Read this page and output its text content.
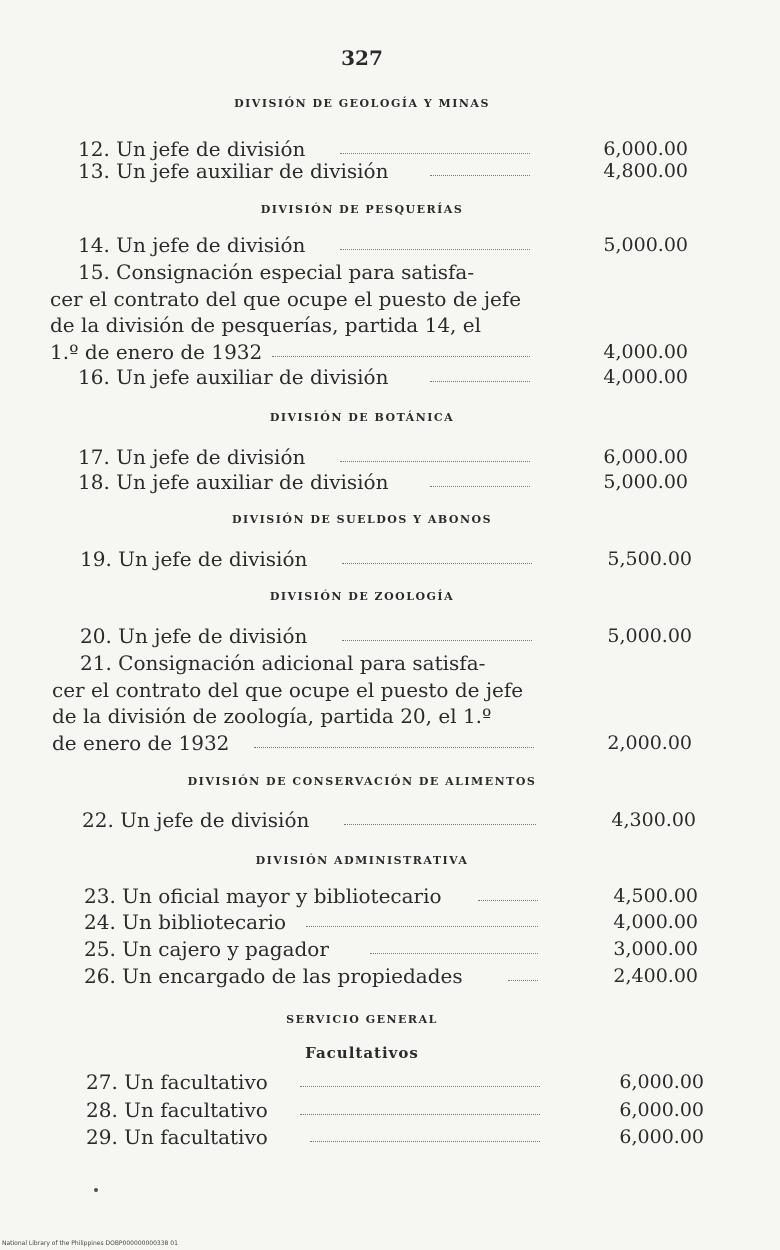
327
DIVISIÓN DE GEOLOGÍA Y MINAS
12. Un jefe de división	6,000.00
13. Un jefe auxiliar de división	4,800.00
DIVISIÓN DE PESQUERÍAS
14. Un jefe de división	5,000.00
15. Consignación especial para satisfa-
cer el contrato del que ocupe el puesto de jefe
de la división de pesquerías, partida 14, el
1.º de enero de 1932	4,000.00
16. Un jefe auxiliar de división	4,000.00
DIVISIÓN DE BOTÁNICA
17. Un jefe de división	6,000.00
18. Un jefe auxiliar de división	5,000.00
DIVISIÓN DE SUELDOS Y ABONOS
19. Un jefe de división	5,500.00
DIVISIÓN DE ZOOLOGÍA
20. Un jefe de división	5,000.00
21. Consignación adicional para satisfa-
cer el contrato del que ocupe el puesto de jefe
de la división de zoología, partida 20, el 1.º
de enero de 1932	2,000.00
DIVISIÓN DE CONSERVACIÓN DE ALIMENTOS
22. Un jefe de división	4,300.00
DIVISIÓN ADMINISTRATIVA
23. Un oficial mayor y bibliotecario	4,500.00
24. Un bibliotecario	4,000.00
25. Un cajero y pagador	3,000.00
26. Un encargado de las propiedades	2,400.00
SERVICIO GENERAL
Facultativos
27. Un facultativo	6,000.00
28. Un facultativo	6,000.00
29. Un facultativo	6,000.00
National Library of the Philippines DOBP000000000338 01
